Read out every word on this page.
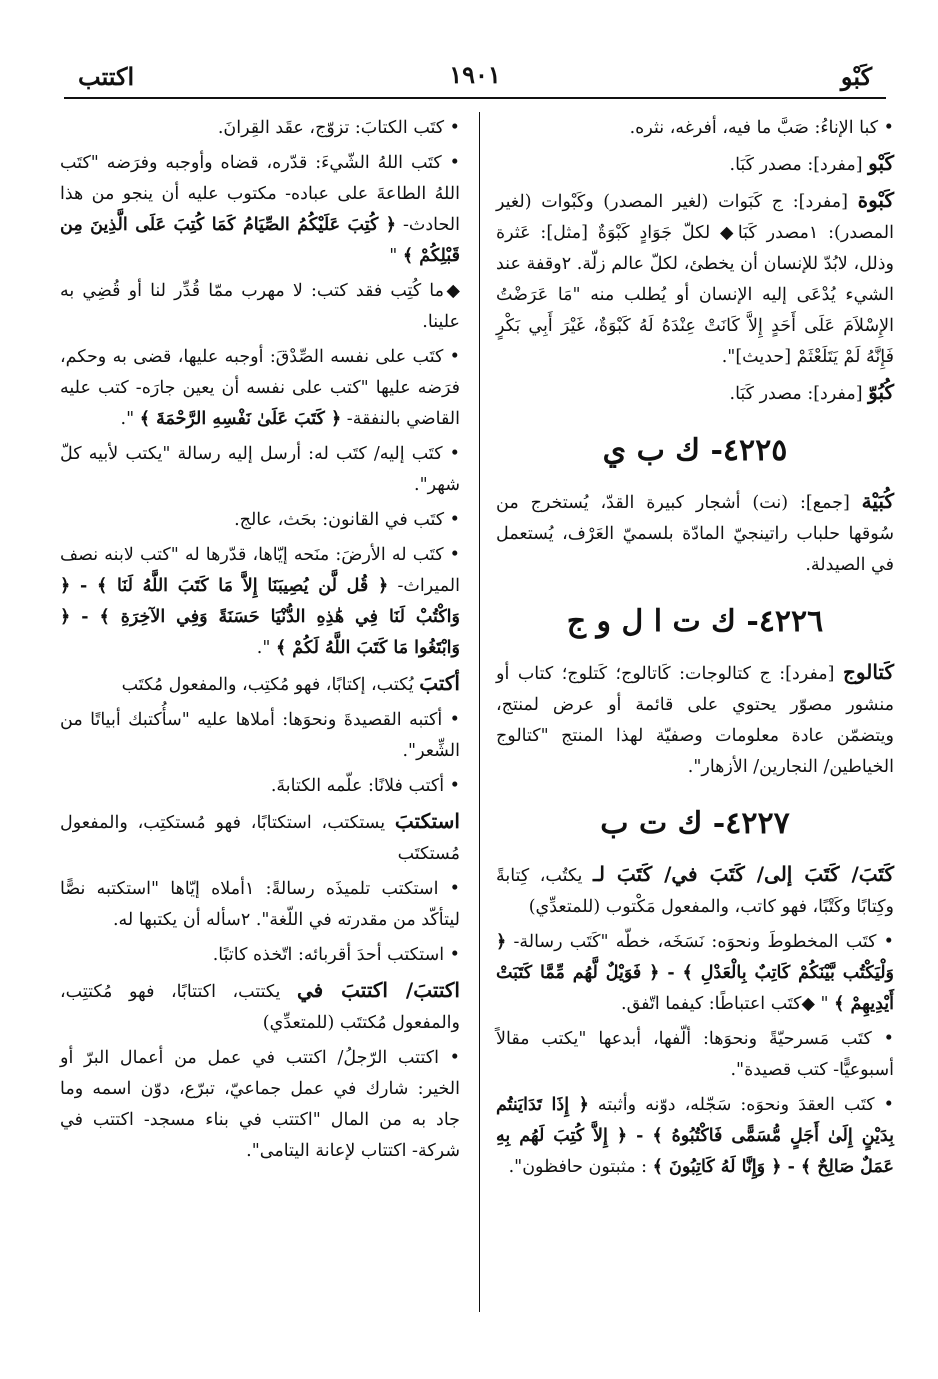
كَبْو
١٩٠١
اكتتب

• كبا الإناءُ: صَبَّ ما فيه، أفرغه، نثره.

كَبْو [مفرد]: مصدر كَبَا.

كَبْوة [مفرد]: ج كَبَوات (لغير المصدر) وكَبْوات (لغير المصدر): ١مصدر كَبَا◆ لكلّ جَوَادٍ كَبْوَةٌ [مثل]: عَثرة وذلل، لابُدّ للإنسان أن يخطئ، لكلّ عالم زلّة. ٢وقفة عند الشيء يُدْعَى إليه الإنسان أو يُطلب منه "مَا عَرَضْتُ الإِسْلاَمَ عَلَى أَحَدٍ إِلاَّ كَانَتْ عِنْدَهُ لَهُ كَبْوَةٌ، غَيْرَ أَبِي بَكْرٍ فَإِنَّهُ لَمْ يَتَلَعْثَمْ [حديث]".

كُبُوّ [مفرد]: مصدر كَبَا.

٤٢٢٥- ك ب ي

كُبَيْة [جمع]: (نت) أشجار كبيرة القدّ، يُستخرج من سُوقها حلباب راتينجيّ المادّة بلسميّ العَرْف، يُستعمل في الصيدلة.

٤٢٢٦- ك ت ا ل و ج

كَتالوج [مفرد]: ج كتالوجات: كَاتالوج؛ كَتلوج؛ كتاب أو منشور مصوّر يحتوي على قائمة أو عرض لمنتج، ويتضمّن عادة معلومات وصفيّة لهذا المنتج "كتالوج الخياطين/ النجارين/ الأزهار".

٤٢٢٧- ك ت ب

كَتَبَ/ كَتَبَ إلى/ كَتَبَ في/ كَتَبَ لـ يكتُب، كِتابةً وكِتابًا وكَتْبًا، فهو كاتب، والمفعول مَكْتوب (للمتعدِّي)

• كتَب المخطوطَ ونحوَه: نَسَخَه، خطّه "كَتَب رسالة- ﴿ وَلْيَكْتُب بَّيْنَكُمْ كَاتِبٌ بِالْعَدْلِ ﴾ - ﴿ فَوَيْلٌ لَّهُم مِّمَّا كَتَبَتْ أَيْدِيهِمْ ﴾ " ◆كتَب اعتباطًا: كيفما اتّفق.

• كتَب مَسرحيّةً ونحوَها: ألّفها، أبدعها "يكتب مقالاً أسبوعيًّا- كتب قصيدة".

• كتَب العقدَ ونحوَه: سَجّله، دوّنه وأثبته ﴿ إِذَا تَدَايَنتُم بِدَيْنٍ إِلَىٰ أَجَلٍ مُّسَمًّى فَاكْتُبُوهُ ﴾ - ﴿ إِلاَّ كُتِبَ لَهُم بِهِ عَمَلٌ صَالِحٌ ﴾ - ﴿ وَإِنَّا لَهُ كَاتِبُونَ ﴾ : مثبتون حافظون".

• كتَب الكتابَ: تزوّج، عقَد القِرانَ.

• كتَب اللهُ الشّيءَ: قدّره، قضاه وأوجبه وفرَضه "كتَب اللهُ الطاعةَ على عباده- مكتوب عليه أن ينجو من هذا الحادث- ﴿ كُتِبَ عَلَيْكُمُ الصِّيَامُ كَمَا كُتِبَ عَلَى الَّذِينَ مِن قَبْلِكُمْ ﴾ "

◆ما كُتِب فقد كتب: لا مهرب ممّا قُدِّر لنا أو قُضِي به علينا.

• كتَب على نفسه الصِّدْقَ: أوجبه عليها، قضى به وحكم، فرَضه عليها "كتب على نفسه أن يعين جارَه- كتب عليه القاضي بالنفقة- ﴿ كَتَبَ عَلَىٰ نَفْسِهِ الرَّحْمَةَ ﴾ ".

• كتَب إليه/ كتَب له: أرسل إليه رسالة "يكتب لأبيه كلّ شهر".

• كتَب في القانون: بحَث، عالج.

• كتَب له الأرضَ: منَحه إيّاها، قدّرها له "كتب لابنه نصف الميراث- ﴿ قُل لَّن يُصِيبَنَا إِلاَّ مَا كَتَبَ اللَّهُ لَنَا ﴾ - ﴿ وَاكْتُبْ لَنَا فِي هَٰذِهِ الدُّنْيَا حَسَنَةً وَفِي الآخِرَةِ ﴾ - ﴿ وَابْتَغُوا مَا كَتَبَ اللَّهُ لَكُمْ ﴾ ".

أكتبَ يُكتب، إكتابًا، فهو مُكتِب، والمفعول مُكتَب

• أكتبه القصيدةَ ونحوَها: أملاها عليه "سأُكتبك أبياتًا من الشِّعر".

• أكتب فلانًا: علّمه الكتابةَ.

استكتبَ يستكتب، استكتابًا، فهو مُستكتِب، والمفعول مُستكتَب

• استكتب تلميذَه رسالةً: ١أملاه إيّاها "استكتبه نصًّا ليتأكّد من مقدرته في اللّغة". ٢سأله أن يكتبها له.

• استكتب أحدَ أقربائه: اتّخذه كاتبًا.

اكتتبَ/ اكتتبَ في يكتتب، اكتتابًا، فهو مُكتتِب، والمفعول مُكتتَب (للمتعدِّي)

• اكتتب الرّجلُ/ اكتتب في عمل من أعمال البرّ أو الخير: شارك في عمل جماعيّ، تبرّع، دوّن اسمه وما جاد به من المال "اكتتب في بناء مسجد- اكتتب في شركة- اكتتاب لإعانة اليتامى".
